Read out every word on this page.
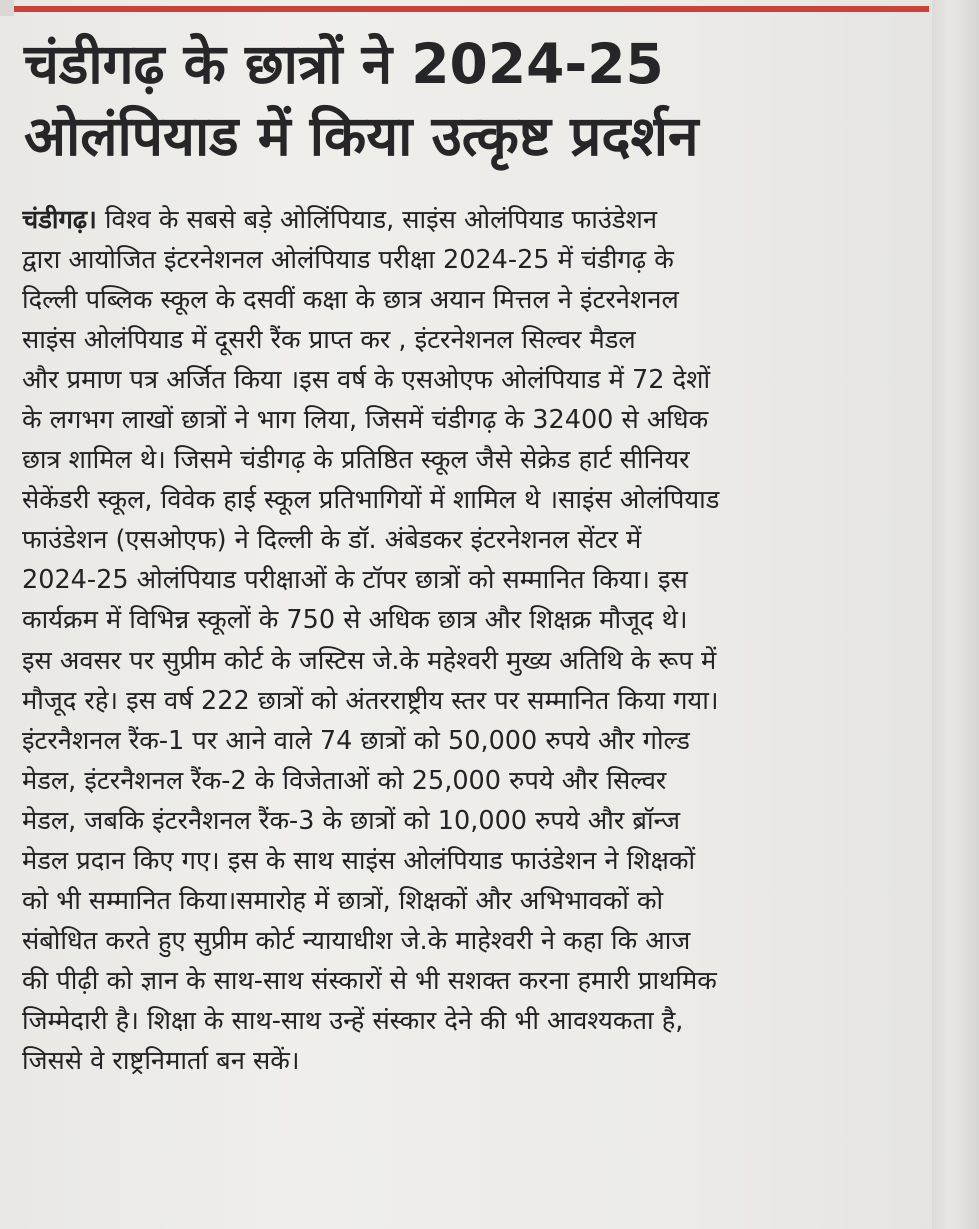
चंडीगढ़ के छात्रों ने 2024-25
ओलंपियाड में किया उत्कृष्ट प्रदर्शन
चंडीगढ़। विश्व के सबसे बड़े ओलिंपियाड, साइंस ओलंपियाड फाउंडेशन
द्वारा आयोजित इंटरनेशनल ओलंपियाड परीक्षा 2024-25 में चंडीगढ़ के
दिल्ली पब्लिक स्कूल के दसवीं कक्षा के छात्र अयान मित्तल ने इंटरनेशनल
साइंस ओलंपियाड में दूसरी रैंक प्राप्त कर , इंटरनेशनल सिल्वर मैडल
और प्रमाण पत्र अर्जित किया ।इस वर्ष के एसओएफ ओलंपियाड में 72 देशों
के लगभग लाखों छात्रों ने भाग लिया, जिसमें चंडीगढ़ के 32400 से अधिक
छात्र शामिल थे। जिसमे चंडीगढ़ के प्रतिष्ठित स्कूल जैसे सेक्रेड हार्ट सीनियर
सेकेंडरी स्कूल, विवेक हाई स्कूल प्रतिभागियों में शामिल थे ।साइंस ओलंपियाड
फाउंडेशन (एसओएफ) ने दिल्ली के डॉ. अंबेडकर इंटरनेशनल सेंटर में
2024-25 ओलंपियाड परीक्षाओं के टॉपर छात्रों को सम्मानित किया। इस
कार्यक्रम में विभिन्न स्कूलों के 750 से अधिक छात्र और शिक्षक्र मौजूद थे।
इस अवसर पर सुप्रीम कोर्ट के जस्टिस जे.के महेश्वरी मुख्य अतिथि के रूप में
मौजूद रहे। इस वर्ष 222 छात्रों को अंतरराष्ट्रीय स्तर पर सम्मानित किया गया।
इंटरनैशनल रैंक-1 पर आने वाले 74 छात्रों को 50,000 रुपये और गोल्ड
मेडल, इंटरनैशनल रैंक-2 के विजेताओं को 25,000 रुपये और सिल्वर
मेडल, जबकि इंटरनैशनल रैंक-3 के छात्रों को 10,000 रुपये और ब्रॉन्ज
मेडल प्रदान किए गए। इस के साथ साइंस ओलंपियाड फाउंडेशन ने शिक्षकों
को भी सम्मानित किया।समारोह में छात्रों, शिक्षकों और अभिभावकों को
संबोधित करते हुए सुप्रीम कोर्ट न्यायाधीश जे.के माहेश्वरी ने कहा कि आज
की पीढ़ी को ज्ञान के साथ-साथ संस्कारों से भी सशक्त करना हमारी प्राथमिक
जिम्मेदारी है। शिक्षा के साथ-साथ उन्हें संस्कार देने की भी आवश्यकता है,
जिससे वे राष्ट्रनिमार्ता बन सकें।
